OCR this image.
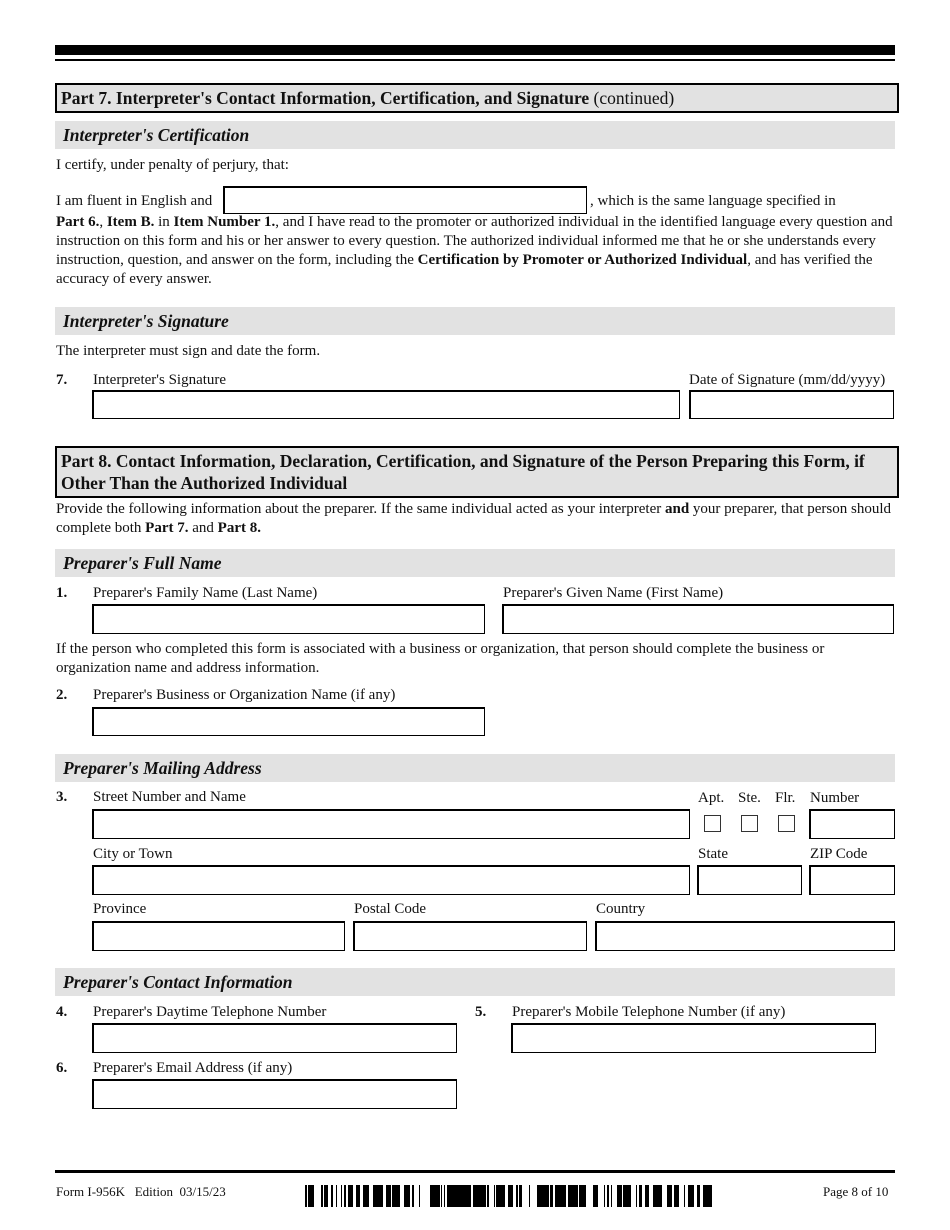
Part 7. Interpreter's Contact Information, Certification, and Signature (continued)
Interpreter's Certification
I certify, under penalty of perjury, that:
I am fluent in English and	, which is the same language specified in
Part 6., Item B. in Item Number 1., and I have read to the promoter or authorized individual in the identified language every question and instruction on this form and his or her answer to every question. The authorized individual informed me that he or she understands every instruction, question, and answer on the form, including the Certification by Promoter or Authorized Individual, and has verified the accuracy of every answer.
Interpreter's Signature
The interpreter must sign and date the form.
7. Interpreter's Signature	Date of Signature (mm/dd/yyyy)
Part 8. Contact Information, Declaration, Certification, and Signature of the Person Preparing this Form, if Other Than the Authorized Individual
Provide the following information about the preparer. If the same individual acted as your interpreter and your preparer, that person should complete both Part 7. and Part 8.
Preparer's Full Name
1. Preparer's Family Name (Last Name)	Preparer's Given Name (First Name)
If the person who completed this form is associated with a business or organization, that person should complete the business or organization name and address information.
2. Preparer's Business or Organization Name (if any)
Preparer's Mailing Address
3. Street Number and Name	Apt. Ste. Flr. Number
City or Town	State	ZIP Code
Province	Postal Code	Country
Preparer's Contact Information
4. Preparer's Daytime Telephone Number	5. Preparer's Mobile Telephone Number (if any)
6. Preparer's Email Address (if any)
Form I-956K   Edition  03/15/23	Page 8 of 10
